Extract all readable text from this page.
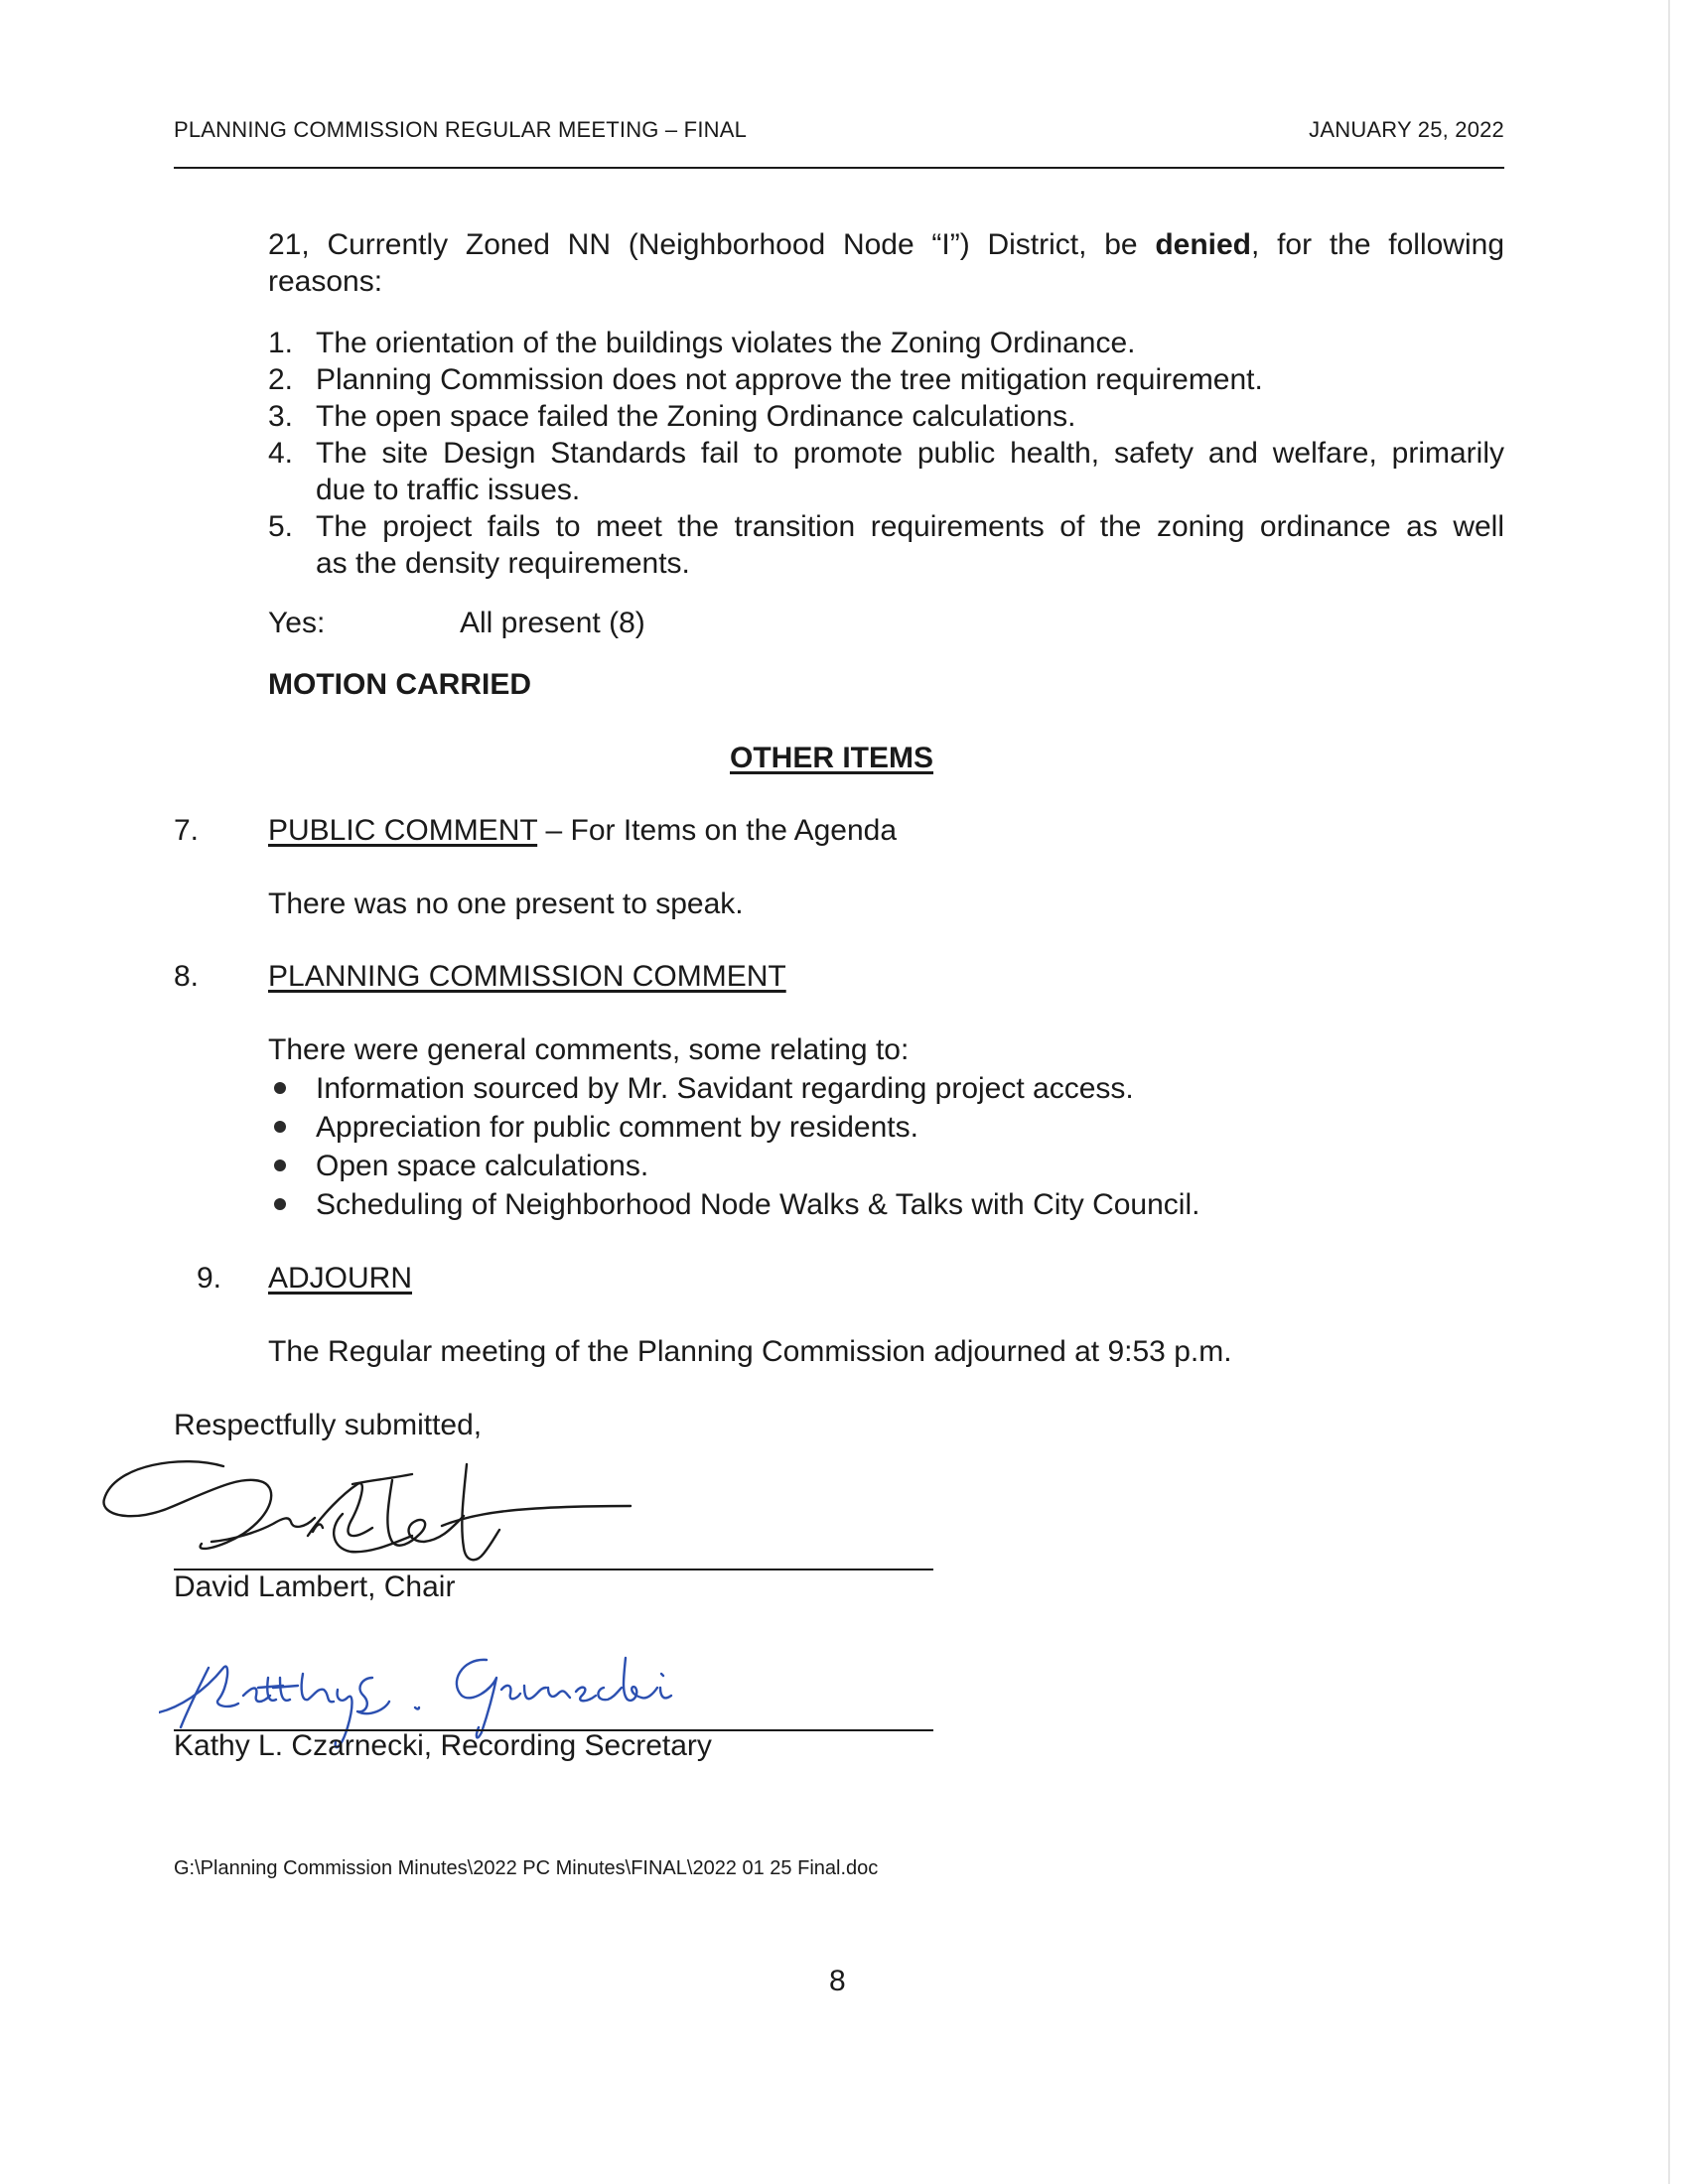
PLANNING COMMISSION REGULAR MEETING – FINAL	JANUARY 25, 2022
21, Currently Zoned NN (Neighborhood Node “I”) District, be denied, for the following
reasons:
1. The orientation of the buildings violates the Zoning Ordinance.
2. Planning Commission does not approve the tree mitigation requirement.
3. The open space failed the Zoning Ordinance calculations.
4. The site Design Standards fail to promote public health, safety and welfare, primarily
due to traffic issues.
5. The project fails to meet the transition requirements of the zoning ordinance as well
as the density requirements.
Yes:	All present (8)
MOTION CARRIED
OTHER ITEMS
7. PUBLIC COMMENT – For Items on the Agenda
There was no one present to speak.
8. PLANNING COMMISSION COMMENT
There were general comments, some relating to:
Information sourced by Mr. Savidant regarding project access.
Appreciation for public comment by residents.
Open space calculations.
Scheduling of Neighborhood Node Walks & Talks with City Council.
9. ADJOURN
The Regular meeting of the Planning Commission adjourned at 9:53 p.m.
Respectfully submitted,
David Lambert, Chair
Kathy L. Czarnecki, Recording Secretary
G:\Planning Commission Minutes\2022 PC Minutes\FINAL\2022 01 25 Final.doc
8
